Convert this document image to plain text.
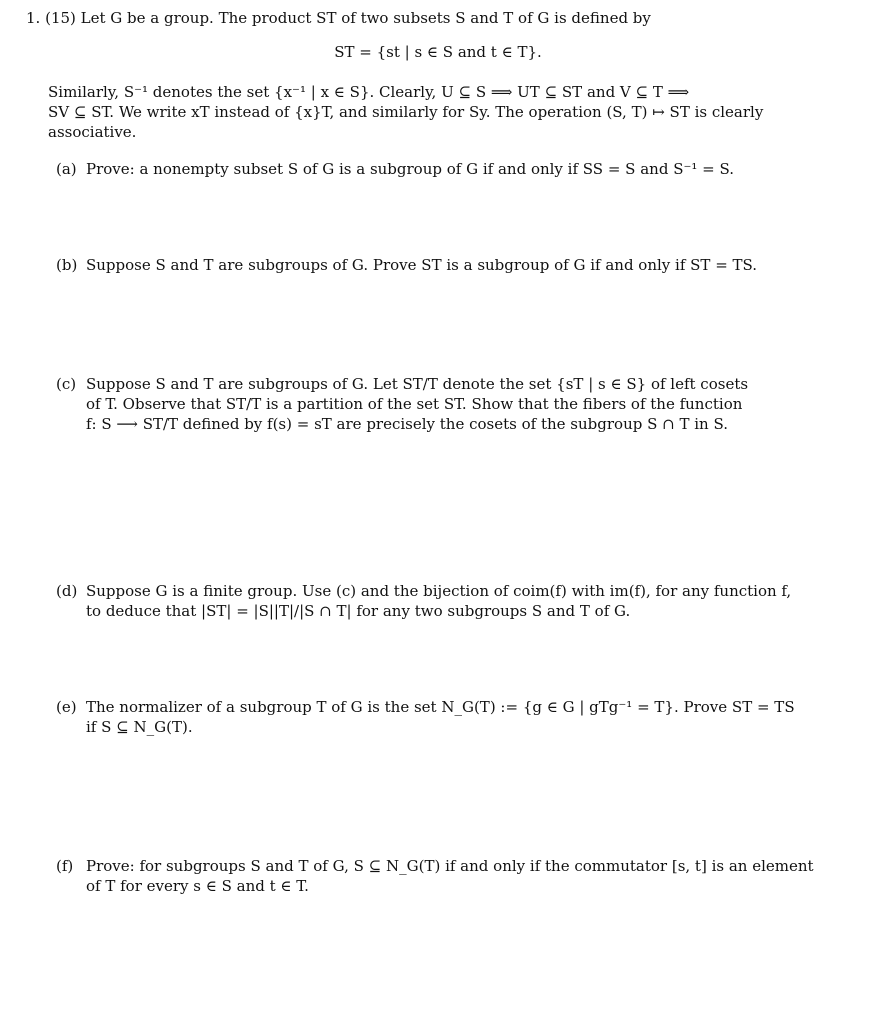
1. (15) Let G be a group. The product ST of two subsets S and T of G is defined by
ST = {st | s ∈ S and t ∈ T}.
Similarly, S⁻¹ denotes the set {x⁻¹ | x ∈ S}. Clearly, U ⊆ S ⟹ UT ⊆ ST and V ⊆ T ⟹
SV ⊆ ST. We write xT instead of {x}T, and similarly for Sy. The operation (S, T) ↦ ST is clearly
associative.
(a) Prove: a nonempty subset S of G is a subgroup of G if and only if SS = S and S⁻¹ = S.
(b) Suppose S and T are subgroups of G. Prove ST is a subgroup of G if and only if ST = TS.
(c) Suppose S and T are subgroups of G. Let ST/T denote the set {sT | s ∈ S} of left cosets
of T. Observe that ST/T is a partition of the set ST. Show that the fibers of the function
f: S ⟶ ST/T defined by f(s) = sT are precisely the cosets of the subgroup S ∩ T in S.
(d) Suppose G is a finite group. Use (c) and the bijection of coim(f) with im(f), for any function f,
to deduce that |ST| = |S||T|/|S ∩ T| for any two subgroups S and T of G.
(e) The normalizer of a subgroup T of G is the set N_G(T) := {g ∈ G | gTg⁻¹ = T}. Prove ST = TS
if S ⊆ N_G(T).
(f) Prove: for subgroups S and T of G, S ⊆ N_G(T) if and only if the commutator [s, t] is an element
of T for every s ∈ S and t ∈ T.
